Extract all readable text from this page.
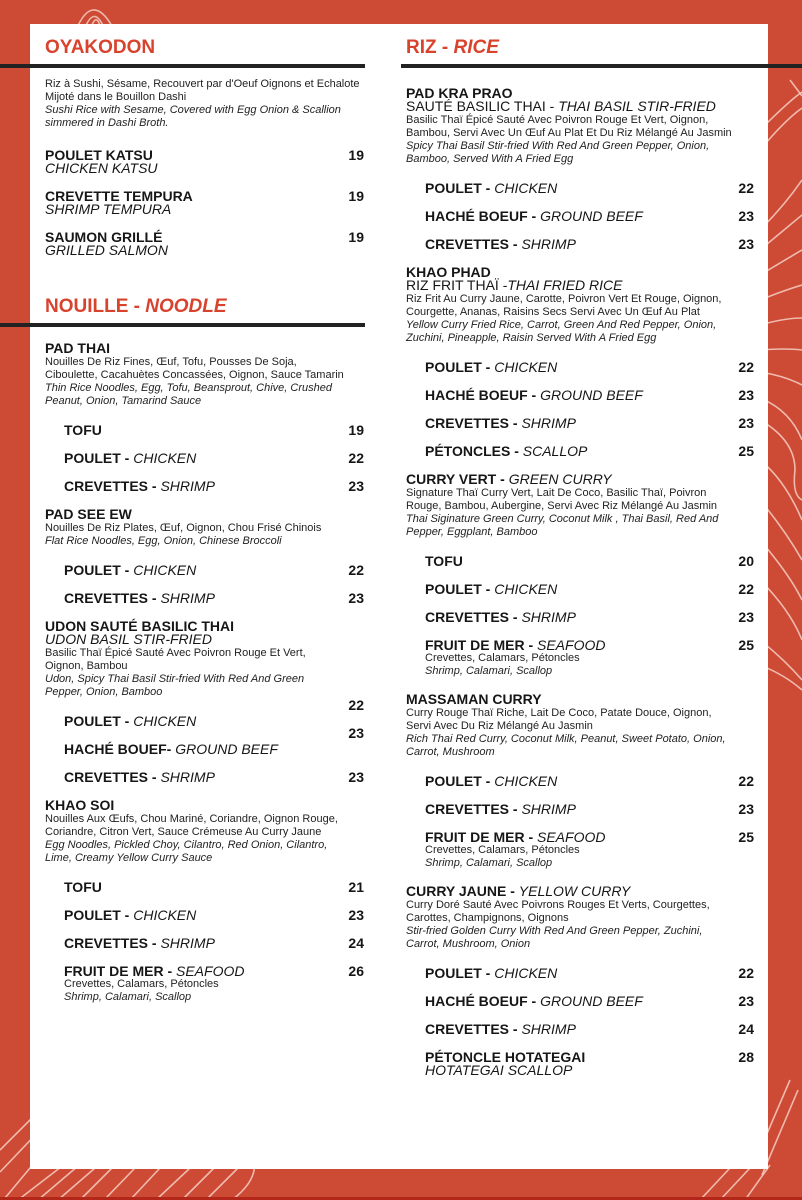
OYAKODON
Riz à Sushi, Sésame, Recouvert par d'Oeuf Oignons et Echalote
Mijoté dans le Bouillon Dashi
Sushi Rice with Sesame, Covered with Egg Onion & Scallion
simmered in Dashi Broth.
POULET KATSU
CHICKEN KATSU
19
CREVETTE TEMPURA
SHRIMP TEMPURA
19
SAUMON GRILLÉ
GRILLED SALMON
19
NOUILLE - NOODLE
PAD THAI
Nouilles De Riz Fines, Œuf, Tofu, Pousses De Soja,
Ciboulette, Cacahuètes Concassées, Oignon, Sauce Tamarin
Thin Rice Noodles, Egg, Tofu, Beansprout, Chive, Crushed
Peanut, Onion, Tamarind Sauce
TOFU	19
POULET - CHICKEN	22
CREVETTES - SHRIMP	23
PAD SEE EW
Nouilles De Riz Plates, Œuf, Oignon, Chou Frisé Chinois
Flat Rice Noodles, Egg, Onion, Chinese Broccoli
POULET - CHICKEN	22
CREVETTES - SHRIMP	23
UDON SAUTÉ BASILIC THAI
UDON BASIL STIR-FRIED
Basilic Thaï Épicé Sauté Avec Poivron Rouge Et Vert,
Oignon, Bambou
Udon, Spicy Thai Basil Stir-fried With Red And Green
Pepper, Onion, Bamboo
POULET - CHICKEN
22
HACHÉ BOUEF- GROUND BEEF
23
CREVETTES - SHRIMP	23
KHAO SOI
Nouilles Aux Œufs, Chou Mariné, Coriandre, Oignon Rouge,
Coriandre, Citron Vert, Sauce Crémeuse Au Curry Jaune
Egg Noodles, Pickled Choy, Cilantro, Red Onion, Cilantro,
Lime, Creamy Yellow Curry Sauce
TOFU	21
POULET - CHICKEN	23
CREVETTES - SHRIMP	24
FRUIT DE MER - SEAFOOD
Crevettes, Calamars, Pétoncles
Shrimp, Calamari, Scallop
26
RIZ - RICE
PAD KRA PRAO
SAUTÉ BASILIC THAI - THAI BASIL STIR-FRIED
Basilic Thaï Épicé Sauté Avec Poivron Rouge Et Vert, Oignon,
Bambou, Servi Avec Un Œuf Au Plat Et Du Riz Mélangé Au Jasmin
Spicy Thai Basil Stir-fried With Red And Green Pepper, Onion,
Bamboo, Served With A Fried Egg
POULET - CHICKEN	22
HACHÉ BOEUF - GROUND BEEF	23
CREVETTES - SHRIMP	23
KHAO PHAD
RIZ FRIT THAÏ -THAI FRIED RICE
Riz Frit Au Curry Jaune, Carotte, Poivron Vert Et Rouge, Oignon,
Courgette, Ananas, Raisins Secs Servi Avec Un Œuf Au Plat
Yellow Curry Fried Rice, Carrot, Green And Red Pepper, Onion,
Zuchini, Pineapple, Raisin Served With A Fried Egg
POULET - CHICKEN	22
HACHÉ BOEUF - GROUND BEEF	23
CREVETTES - SHRIMP	23
PÉTONCLES - SCALLOP	25
CURRY VERT - GREEN CURRY
Signature Thaï Curry Vert, Lait De Coco, Basilic Thaï, Poivron
Rouge, Bambou, Aubergine, Servi Avec Riz Mélangé Au Jasmin
Thai Siginature Green Curry, Coconut Milk , Thai Basil, Red And
Pepper, Eggplant, Bamboo
TOFU	20
POULET - CHICKEN	22
CREVETTES - SHRIMP	23
FRUIT DE MER - SEAFOOD
Crevettes, Calamars, Pétoncles
Shrimp, Calamari, Scallop
25
MASSAMAN CURRY
Curry Rouge Thaï Riche, Lait De Coco, Patate Douce, Oignon,
Servi Avec Du Riz Mélangé Au Jasmin
Rich Thai Red Curry, Coconut Milk, Peanut, Sweet Potato, Onion,
Carrot, Mushroom
POULET - CHICKEN	22
CREVETTES - SHRIMP	23
FRUIT DE MER - SEAFOOD
Crevettes, Calamars, Pétoncles
Shrimp, Calamari, Scallop
25
CURRY JAUNE - YELLOW CURRY
Curry Doré Sauté Avec Poivrons Rouges Et Verts, Courgettes,
Carottes, Champignons, Oignons
Stir-fried Golden Curry With Red And Green Pepper, Zuchini,
Carrot, Mushroom, Onion
POULET - CHICKEN	22
HACHÉ BOEUF - GROUND BEEF	23
CREVETTES - SHRIMP	24
PÉTONCLE HOTATEGAI
HOTATEGAI SCALLOP
28
